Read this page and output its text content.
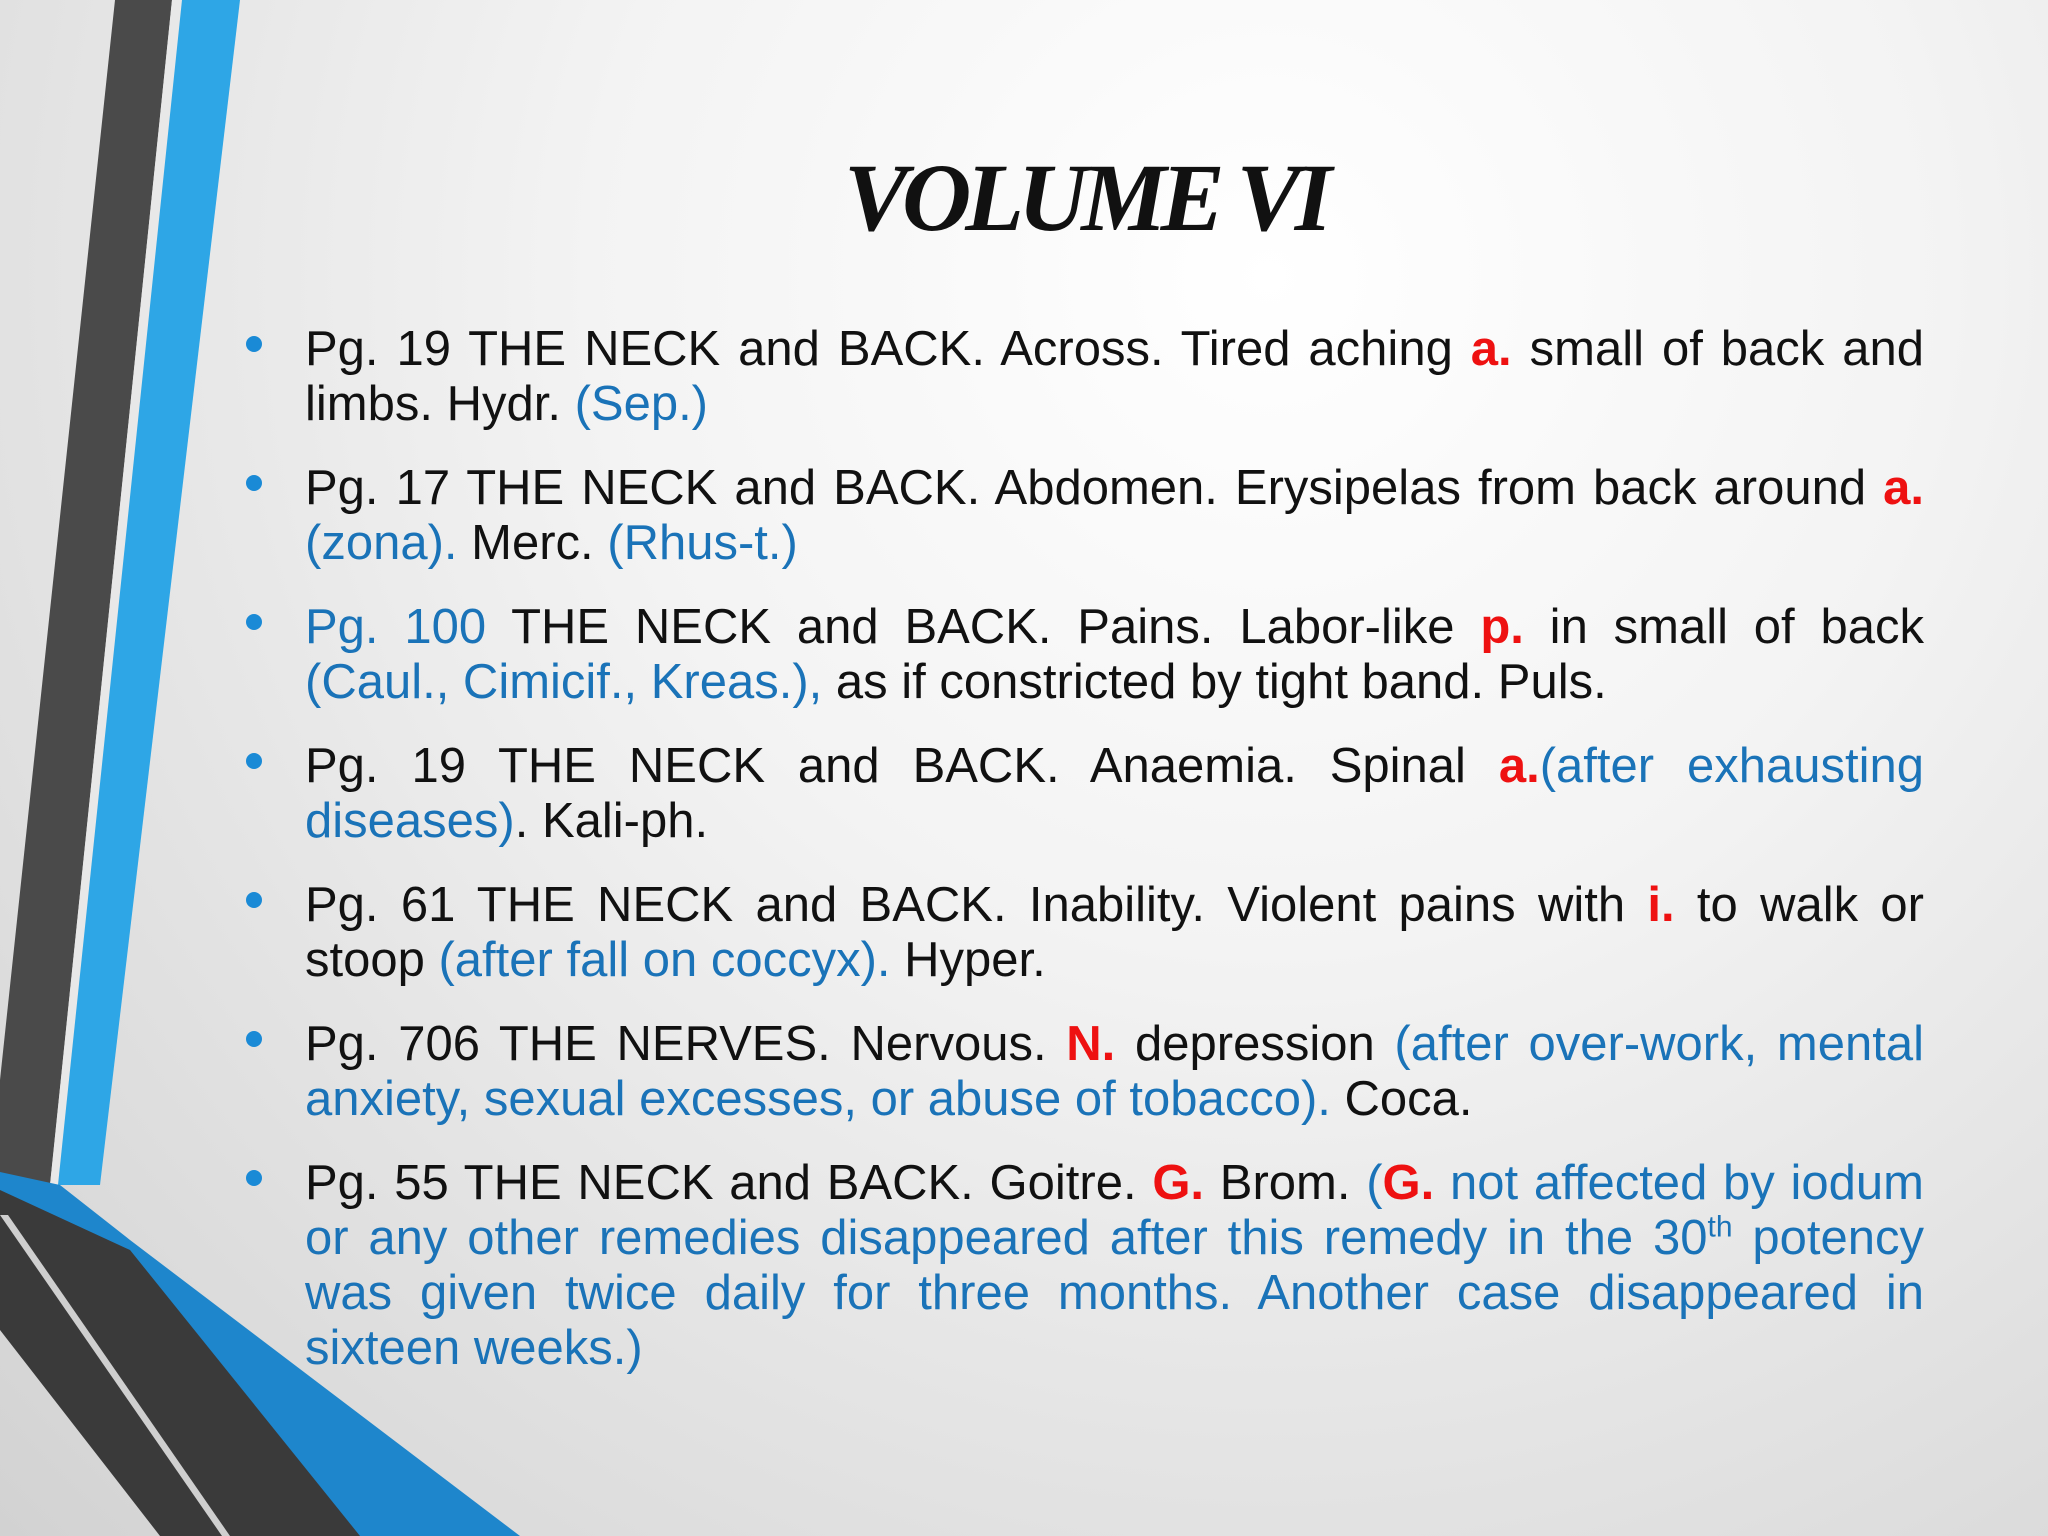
VOLUME VI
Pg. 19 THE NECK and BACK. Across. Tired aching a. small of back and limbs. Hydr. (Sep.)
Pg. 17 THE NECK and BACK. Abdomen. Erysipelas from back around a. (zona). Merc. (Rhus-t.)
Pg. 100 THE NECK and BACK. Pains. Labor-like p. in small of back (Caul., Cimicif., Kreas.), as if constricted by tight band. Puls.
Pg. 19 THE NECK and BACK. Anaemia. Spinal a.(after exhausting diseases). Kali-ph.
Pg. 61 THE NECK and BACK. Inability. Violent pains with i. to walk or stoop (after fall on coccyx). Hyper.
Pg. 706 THE NERVES. Nervous. N. depression (after over-work, mental anxiety, sexual excesses, or abuse of tobacco). Coca.
Pg. 55 THE NECK and BACK. Goitre. G. Brom. (G. not affected by iodum or any other remedies disappeared after this remedy in the 30th potency was given twice daily for three months. Another case disappeared in sixteen weeks.)
